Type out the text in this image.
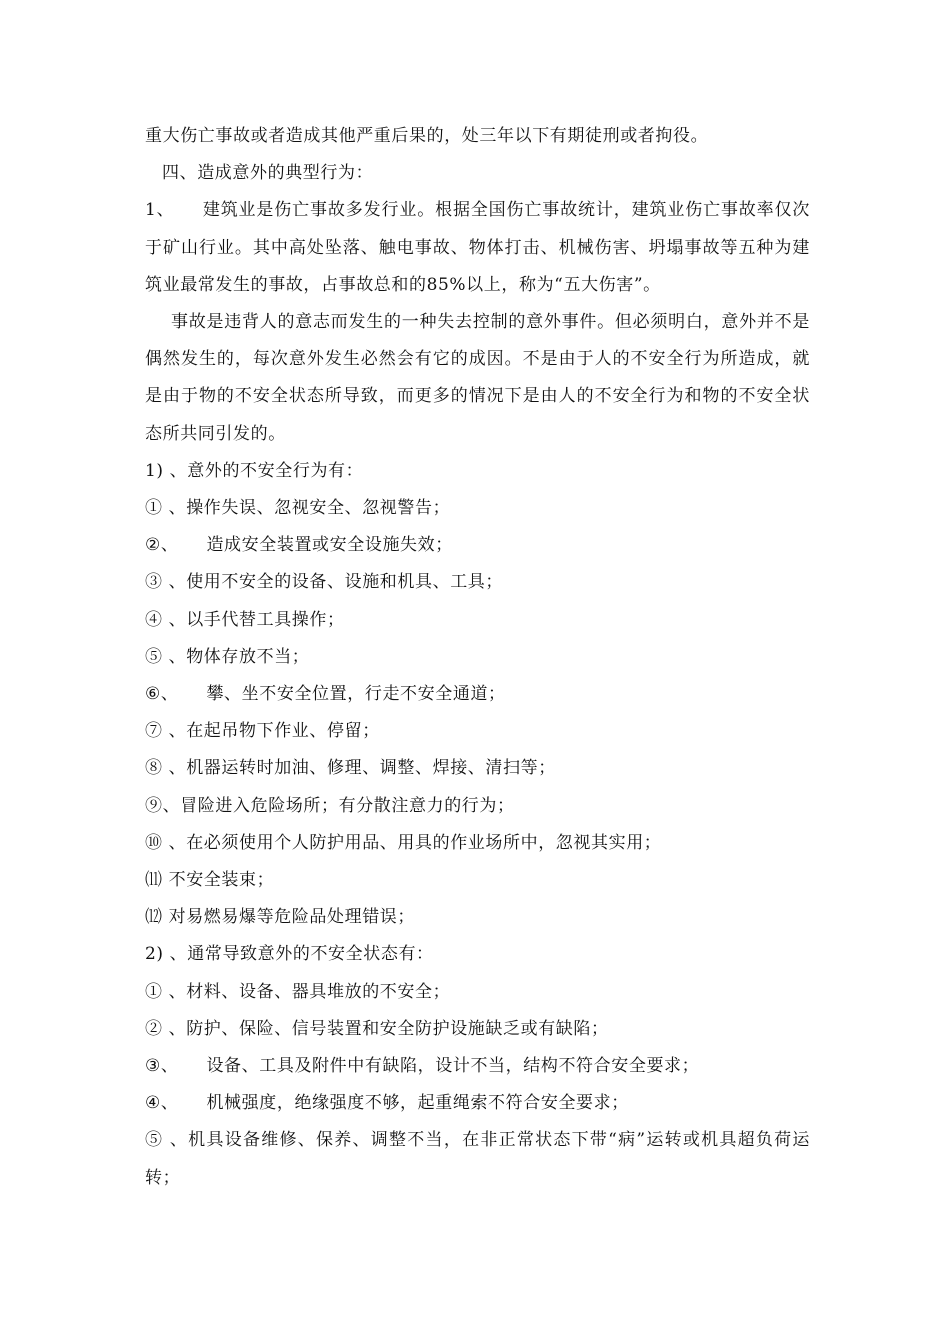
重大伤亡事故或者造成其他严重后果的，处三年以下有期徒刑或者拘役。

四、造成意外的典型行为：

1、 建筑业是伤亡事故多发行业。根据全国伤亡事故统计，建筑业伤亡事故率仅次于矿山行业。其中高处坠落、触电事故、物体打击、机械伤害、坍塌事故等五种为建筑业最常发生的事故，占事故总和的85%以上，称为“五大伤害”。

事故是违背人的意志而发生的一种失去控制的意外事件。但必须明白，意外并不是偶然发生的，每次意外发生必然会有它的成因。不是由于人的不安全行为所造成，就是由于物的不安全状态所导致，而更多的情况下是由人的不安全行为和物的不安全状态所共同引发的。

1) 、意外的不安全行为有：

① 、操作失误、忽视安全、忽视警告；

②、 造成安全装置或安全设施失效；

③ 、使用不安全的设备、设施和机具、工具；

④ 、以手代替工具操作；

⑤ 、物体存放不当；

⑥、 攀、坐不安全位置，行走不安全通道；

⑦ 、在起吊物下作业、停留；

⑧ 、机器运转时加油、修理、调整、焊接、清扫等；

⑨、冒险进入危险场所；有分散注意力的行为；

⑩ 、在必须使用个人防护用品、用具的作业场所中，忽视其实用；

⑾ 不安全装束；

⑿ 对易燃易爆等危险品处理错误；

2) 、通常导致意外的不安全状态有：

① 、材料、设备、器具堆放的不安全；

② 、防护、保险、信号装置和安全防护设施缺乏或有缺陷；

③、 设备、工具及附件中有缺陷，设计不当，结构不符合安全要求；

④、 机械强度，绝缘强度不够，起重绳索不符合安全要求；

⑤ 、机具设备维修、保养、调整不当，在非正常状态下带“病”运转或机具超负荷运转；
